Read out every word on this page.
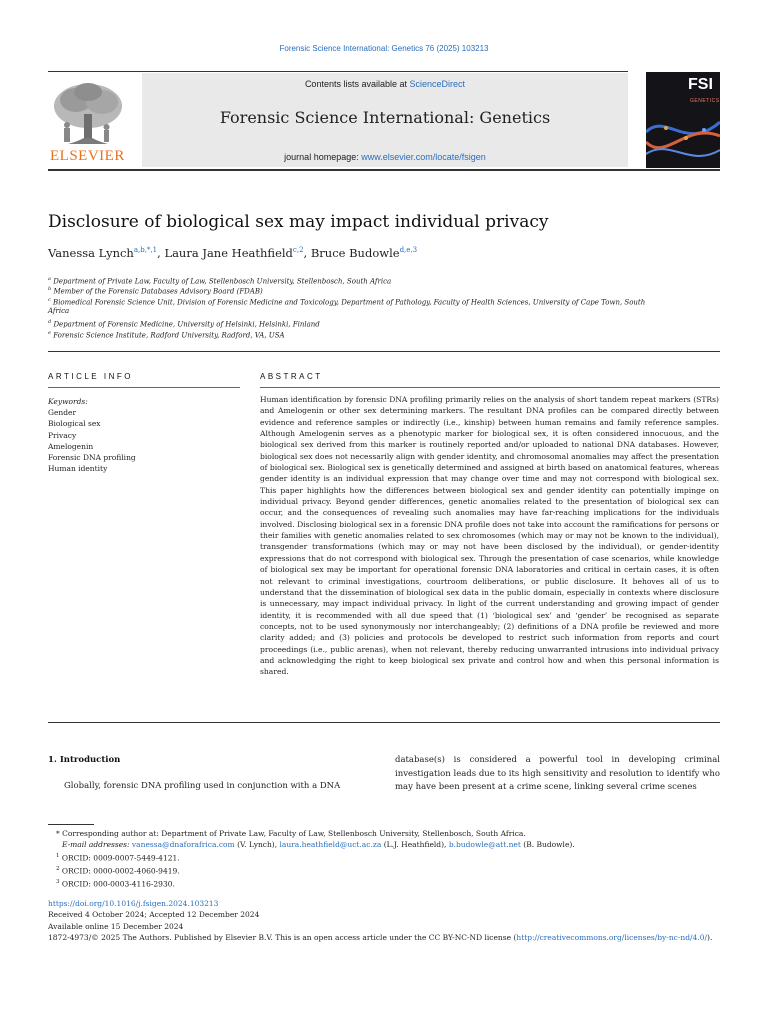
Forensic Science International: Genetics 76 (2025) 103213
Contents lists available at ScienceDirect
Forensic Science International: Genetics
journal homepage: www.elsevier.com/locate/fsigen
ELSEVIER
FSI
GENETICS
Disclosure of biological sex may impact individual privacy
Vanessa Lynch$^{a,b,*,1}$, Laura Jane Heathfield$^{c,2}$, Bruce Budowle$^{d,e,3}$
$^a$ Department of Private Law, Faculty of Law, Stellenbosch University, Stellenbosch, South Africa
$^b$ Member of the Forensic Databases Advisory Board (FDAB)
$^c$ Biomedical Forensic Science Unit, Division of Forensic Medicine and Toxicology, Department of Pathology, Faculty of Health Sciences, University of Cape Town, South Africa
$^d$ Department of Forensic Medicine, University of Helsinki, Helsinki, Finland
$^e$ Forensic Science Institute, Radford University, Radford, VA, USA
ARTICLE INFO
Keywords:
Gender
Biological sex
Privacy
Amelogenin
Forensic DNA profiling
Human identity
ABSTRACT
Human identification by forensic DNA profiling primarily relies on the analysis of short tandem repeat markers (STRs) and Amelogenin or other sex determining markers. The resultant DNA profiles can be compared directly between evidence and reference samples or indirectly (i.e., kinship) between human remains and family reference samples. Although Amelogenin serves as a phenotypic marker for biological sex, it is often considered innocuous, and the biological sex derived from this marker is routinely reported and/or uploaded to national DNA databases. However, biological sex does not necessarily align with gender identity, and chromosomal anomalies may affect the presentation of biological sex. Biological sex is genetically determined and assigned at birth based on anatomical features, whereas gender identity is an individual expression that may change over time and may not correspond with biological sex. This paper highlights how the differences between biological sex and gender identity can potentially impinge on individual privacy. Beyond gender differences, genetic anomalies related to the presentation of biological sex can occur, and the consequences of revealing such anomalies may have far-reaching implications for the individuals involved. Disclosing biological sex in a forensic DNA profile does not take into account the ramifications for persons or their families with genetic anomalies related to sex chromosomes (which may or may not be known to the individual), transgender transformations (which may or may not have been disclosed by the individual), or gender-identity expressions that do not correspond with biological sex. Through the presentation of case scenarios, while knowledge of biological sex may be important for operational forensic DNA laboratories and critical in certain cases, it is often not relevant to criminal investigations, courtroom deliberations, or public disclosure. It behoves all of us to understand that the dissemination of biological sex data in the public domain, especially in contexts where disclosure is unnecessary, may impact individual privacy. In light of the current understanding and growing impact of gender identity, it is recommended with all due speed that (1) ‘biological sex’ and ‘gender’ be recognised as separate concepts, not to be used synonymously nor interchangeably; (2) definitions of a DNA profile be reviewed and more clarity added; and (3) policies and protocols be developed to restrict such information from reports and court proceedings (i.e., public arenas), when not relevant, thereby reducing unwarranted intrusions into individual privacy and acknowledging the right to keep biological sex private and control how and when this personal information is shared.
1. Introduction
Globally, forensic DNA profiling used in conjunction with a DNA
database(s) is considered a powerful tool in developing criminal investigation leads due to its high sensitivity and resolution to identify who may have been present at a crime scene, linking several crime scenes
* Corresponding author at: Department of Private Law, Faculty of Law, Stellenbosch University, Stellenbosch, South Africa.
E-mail addresses: vanessa@dnaforafrica.com (V. Lynch), laura.heathfield@uct.ac.za (L.J. Heathfield), b.budowle@att.net (B. Budowle).
$^1$ ORCID: 0009-0007-5449-4121.
$^2$ ORCID: 0000-0002-4060-9419.
$^3$ ORCID: 000-0003-4116-2930.
https://doi.org/10.1016/j.fsigen.2024.103213
Received 4 October 2024; Accepted 12 December 2024
Available online 15 December 2024
1872-4973/© 2025 The Authors. Published by Elsevier B.V. This is an open access article under the CC BY-NC-ND license (http://creativecommons.org/licenses/by-nc-nd/4.0/).
